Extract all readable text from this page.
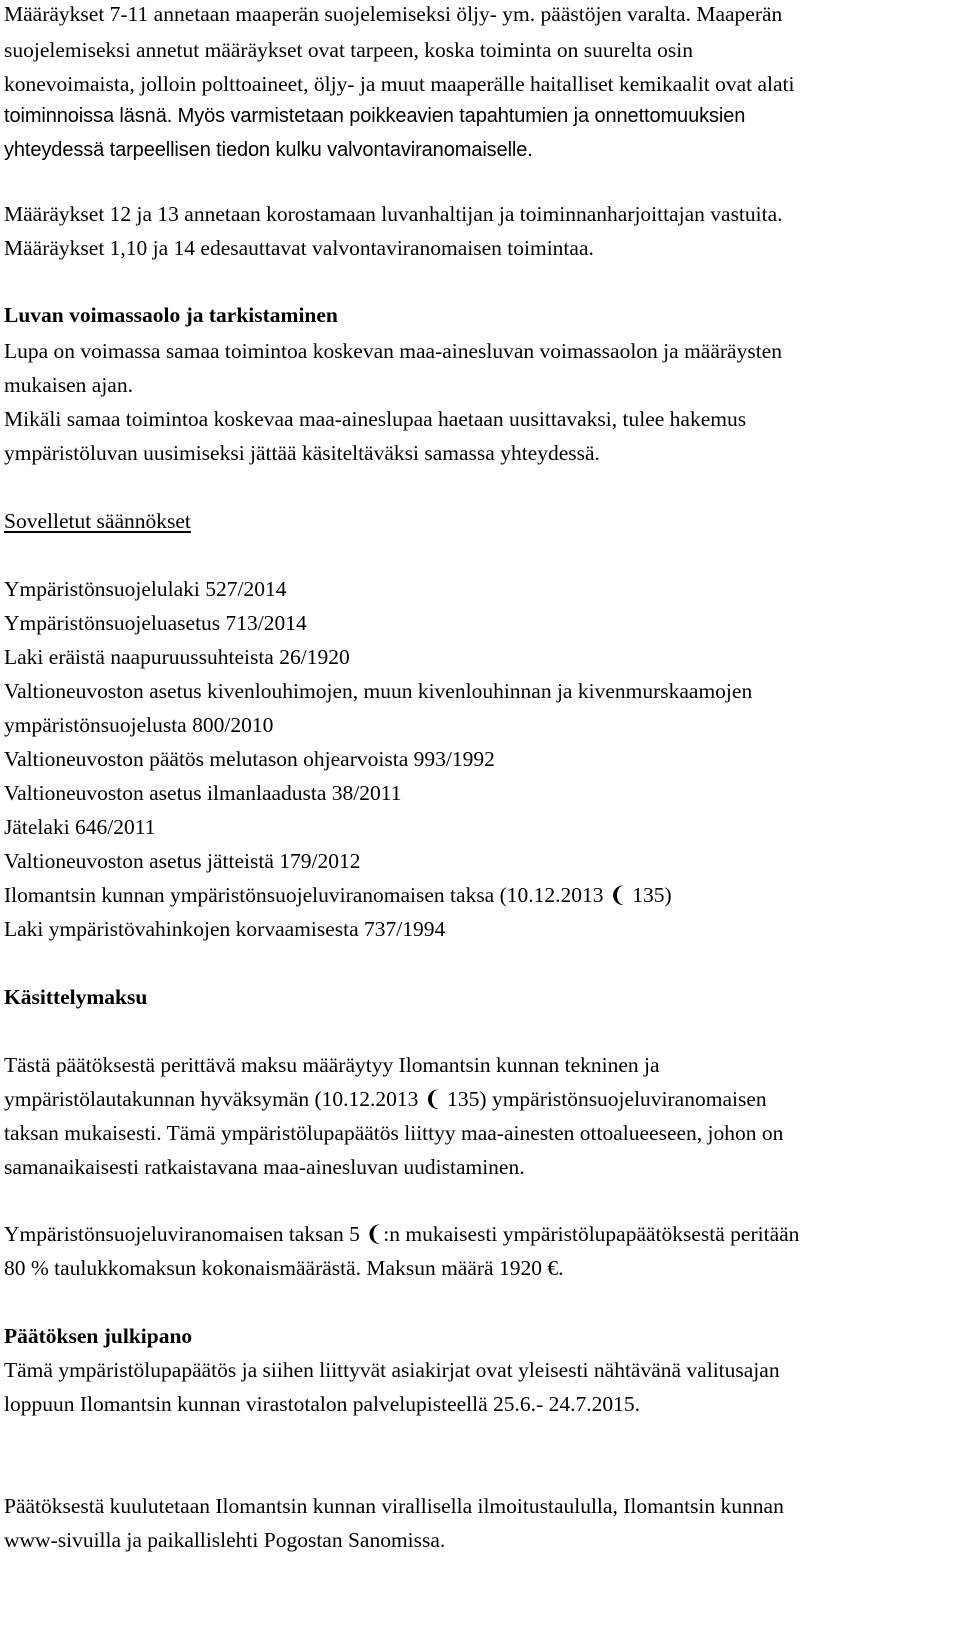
Määräykset 7-11 annetaan maaperän suojelemiseksi öljy- ym. päästöjen varalta. Maaperän

suojelemiseksi annetut määräykset ovat tarpeen, koska toiminta on suurelta osin

konevoimaista, jolloin polttoaineet, öljy- ja muut maaperälle haitalliset kemikaalit ovat alati

toiminnoissa läsnä. Myös varmistetaan poikkeavien tapahtumien ja onnettomuuksien

yhteydessä tarpeellisen tiedon kulku valvontaviranomaiselle.

Määräykset 12 ja 13 annetaan korostamaan luvanhaltijan ja toiminnanharjoittajan vastuita.

Määräykset 1,10 ja 14 edesauttavat valvontaviranomaisen toimintaa.

Luvan voimassaolo ja tarkistaminen

Lupa on voimassa samaa toimintoa koskevan maa-ainesluvan voimassaolon ja määräysten

mukaisen ajan.

Mikäli samaa toimintoa koskevaa maa-aineslupaa haetaan uusittavaksi, tulee hakemus

ympäristöluvan uusimiseksi jättää käsiteltäväksi samassa yhteydessä.

Sovelletut säännökset

Ympäristönsuojelulaki 527/2014

Ympäristönsuojeluasetus 713/2014

Laki eräistä naapuruussuhteista 26/1920

Valtioneuvoston asetus kivenlouhimojen, muun kivenlouhinnan ja kivenmurskaamojen

ympäristönsuojelusta 800/2010

Valtioneuvoston päätös melutason ohjearvoista 993/1992

Valtioneuvoston asetus ilmanlaadusta 38/2011

Jätelaki 646/2011

Valtioneuvoston asetus jätteistä 179/2012

Ilomantsin kunnan ympäristönsuojeluviranomaisen taksa (10.12.2013 ❨ 135)

Laki ympäristövahinkojen korvaamisesta 737/1994

Käsittelymaksu

Tästä päätöksestä perittävä maksu määräytyy Ilomantsin kunnan tekninen ja

ympäristölautakunnan hyväksymän (10.12.2013 ❨ 135) ympäristönsuojeluviranomaisen

taksan mukaisesti. Tämä ympäristölupapäätös liittyy maa-ainesten ottoalueeseen, johon on

samanaikaisesti ratkaistavana maa-ainesluvan uudistaminen.

Ympäristönsuojeluviranomaisen taksan 5 ❨:n mukaisesti ympäristölupapäätöksestä peritään

80 % taulukkomaksun kokonaismäärästä. Maksun määrä 1920 €.

Päätöksen julkipano

Tämä ympäristölupapäätös ja siihen liittyvät asiakirjat ovat yleisesti nähtävänä valitusajan

loppuun Ilomantsin kunnan virastotalon palvelupisteellä 25.6.- 24.7.2015.

Päätöksestä kuulutetaan Ilomantsin kunnan virallisella ilmoitustaululla, Ilomantsin kunnan

www-sivuilla ja paikallislehti Pogostan Sanomissa.
